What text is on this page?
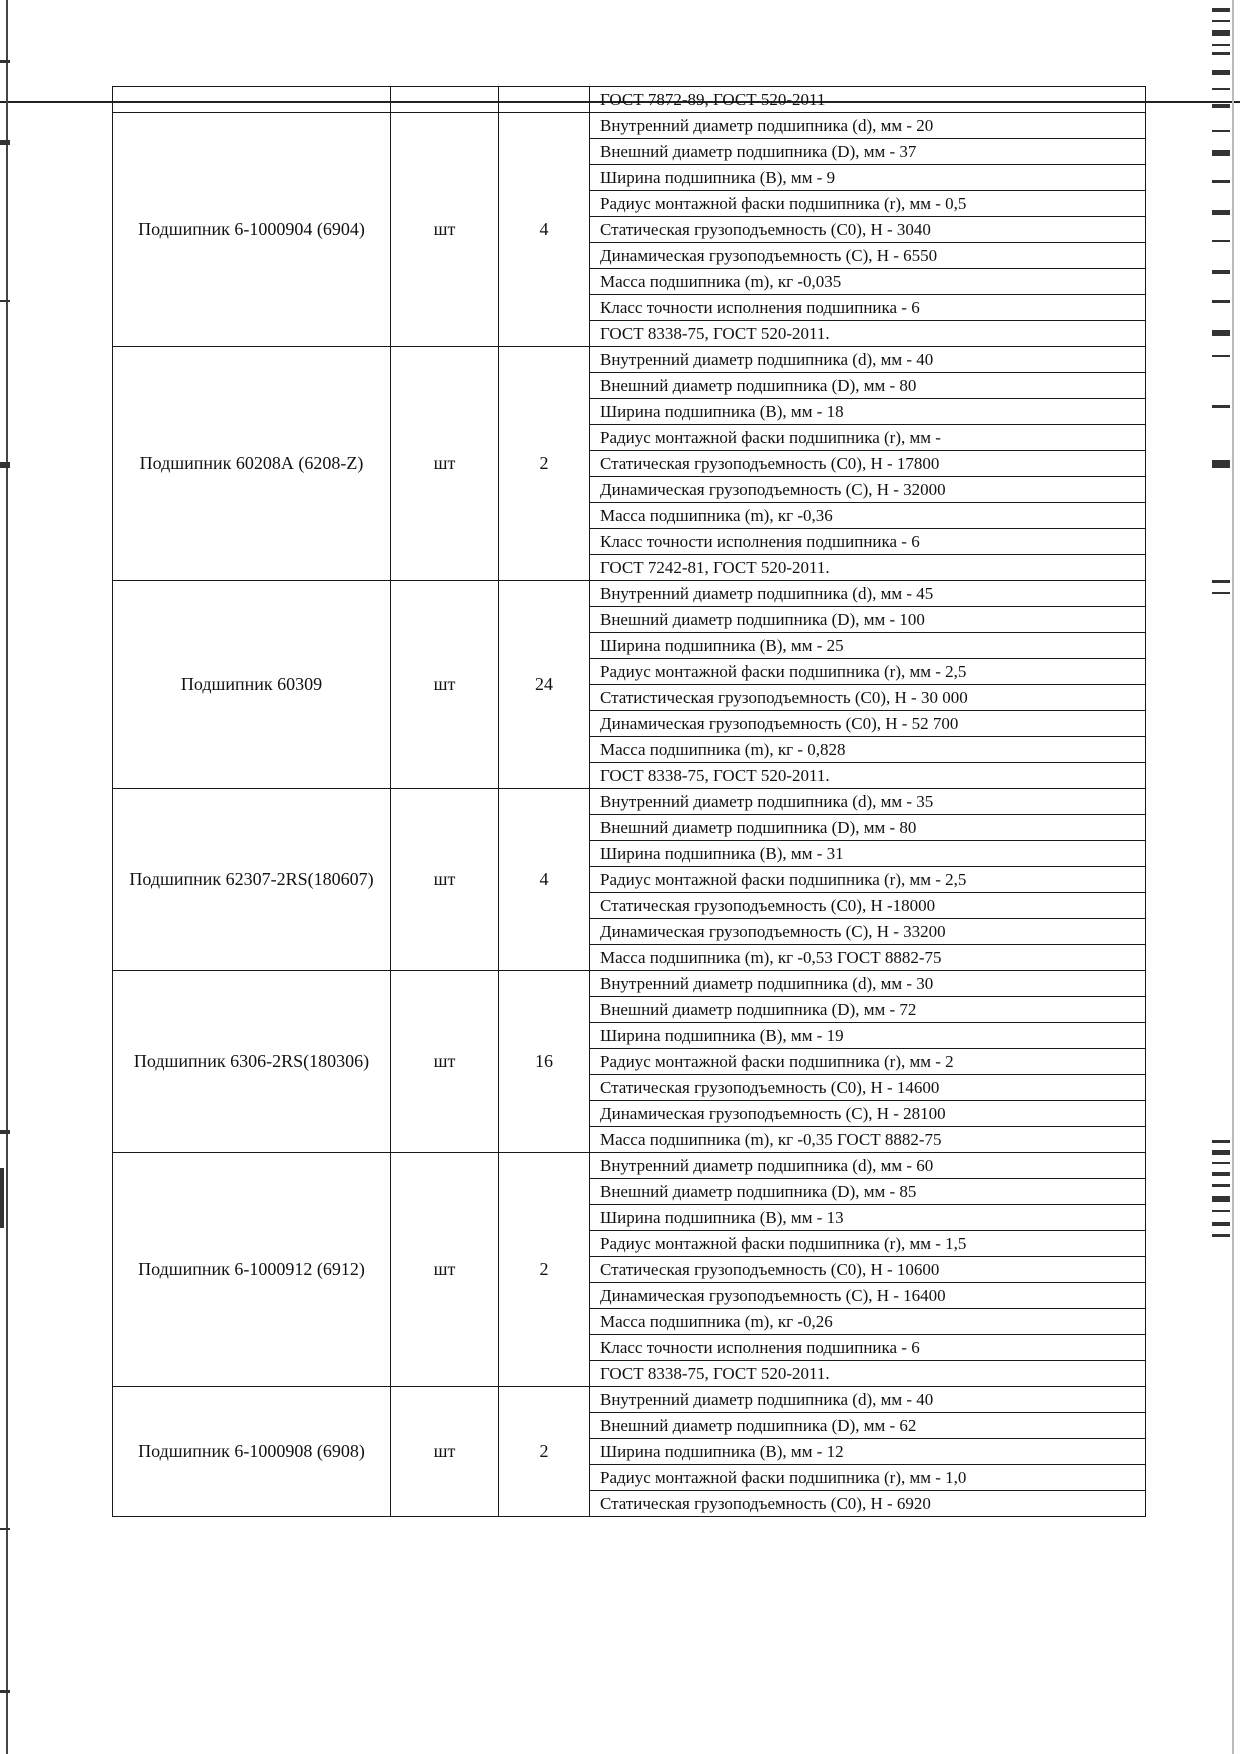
			ГОСТ 7872-89, ГОСТ 520-2011
Подшипник 6-1000904 (6904)	шт	4	Внутренний диаметр подшипника (d), мм - 20
			Внешний диаметр подшипника (D), мм - 37
			Ширина подшипника (B), мм - 9
			Радиус монтажной фаски подшипника (r), мм - 0,5
			Статическая грузоподъемность (C0), Н - 3040
			Динамическая грузоподъемность (C), Н - 6550
			Масса подшипника (m), кг -0,035
			Класс точности исполнения подшипника - 6
			ГОСТ 8338-75, ГОСТ 520-2011.
Подшипник 60208А (6208-Z)	шт	2	Внутренний диаметр подшипника (d), мм - 40
			Внешний диаметр подшипника (D), мм - 80
			Ширина подшипника (B), мм - 18
			Радиус монтажной фаски подшипника (r), мм -
			Статическая грузоподъемность (C0), Н - 17800
			Динамическая грузоподъемность (C), Н - 32000
			Масса подшипника (m), кг -0,36
			Класс точности исполнения подшипника - 6
			ГОСТ 7242-81, ГОСТ 520-2011.
Подшипник 60309	шт	24	Внутренний диаметр подшипника (d), мм - 45
			Внешний диаметр подшипника (D), мм - 100
			Ширина подшипника (B), мм - 25
			Радиус монтажной фаски подшипника (r), мм - 2,5
			Статистическая грузоподъемность (C0), Н - 30 000
			Динамическая грузоподъемность (C0), Н - 52 700
			Масса подшипника (m), кг - 0,828
			ГОСТ 8338-75, ГОСТ 520-2011.
Подшипник 62307-2RS(180607)	шт	4	Внутренний диаметр подшипника (d), мм - 35
			Внешний диаметр подшипника (D), мм - 80
			Ширина подшипника (B), мм - 31
			Радиус монтажной фаски подшипника (r), мм - 2,5
			Статическая грузоподъемность (C0), Н -18000
			Динамическая грузоподъемность (C), Н - 33200
			Масса подшипника (m), кг -0,53 ГОСТ 8882-75
Подшипник 6306-2RS(180306)	шт	16	Внутренний диаметр подшипника (d), мм - 30
			Внешний диаметр подшипника (D), мм - 72
			Ширина подшипника (B), мм - 19
			Радиус монтажной фаски подшипника (r), мм - 2
			Статическая грузоподъемность (C0), Н - 14600
			Динамическая грузоподъемность (C), Н - 28100
			Масса подшипника (m), кг -0,35 ГОСТ 8882-75
Подшипник 6-1000912 (6912)	шт	2	Внутренний диаметр подшипника (d), мм - 60
			Внешний диаметр подшипника (D), мм - 85
			Ширина подшипника (B), мм - 13
			Радиус монтажной фаски подшипника (r), мм - 1,5
			Статическая грузоподъемность (C0), Н - 10600
			Динамическая грузоподъемность (C), Н - 16400
			Масса подшипника (m), кг -0,26
			Класс точности исполнения подшипника - 6
			ГОСТ 8338-75, ГОСТ 520-2011.
Подшипник 6-1000908 (6908)	шт	2	Внутренний диаметр подшипника (d), мм - 40
			Внешний диаметр подшипника (D), мм - 62
			Ширина подшипника (B), мм - 12
			Радиус монтажной фаски подшипника (r), мм - 1,0
			Статическая грузоподъемность (C0), Н - 6920
